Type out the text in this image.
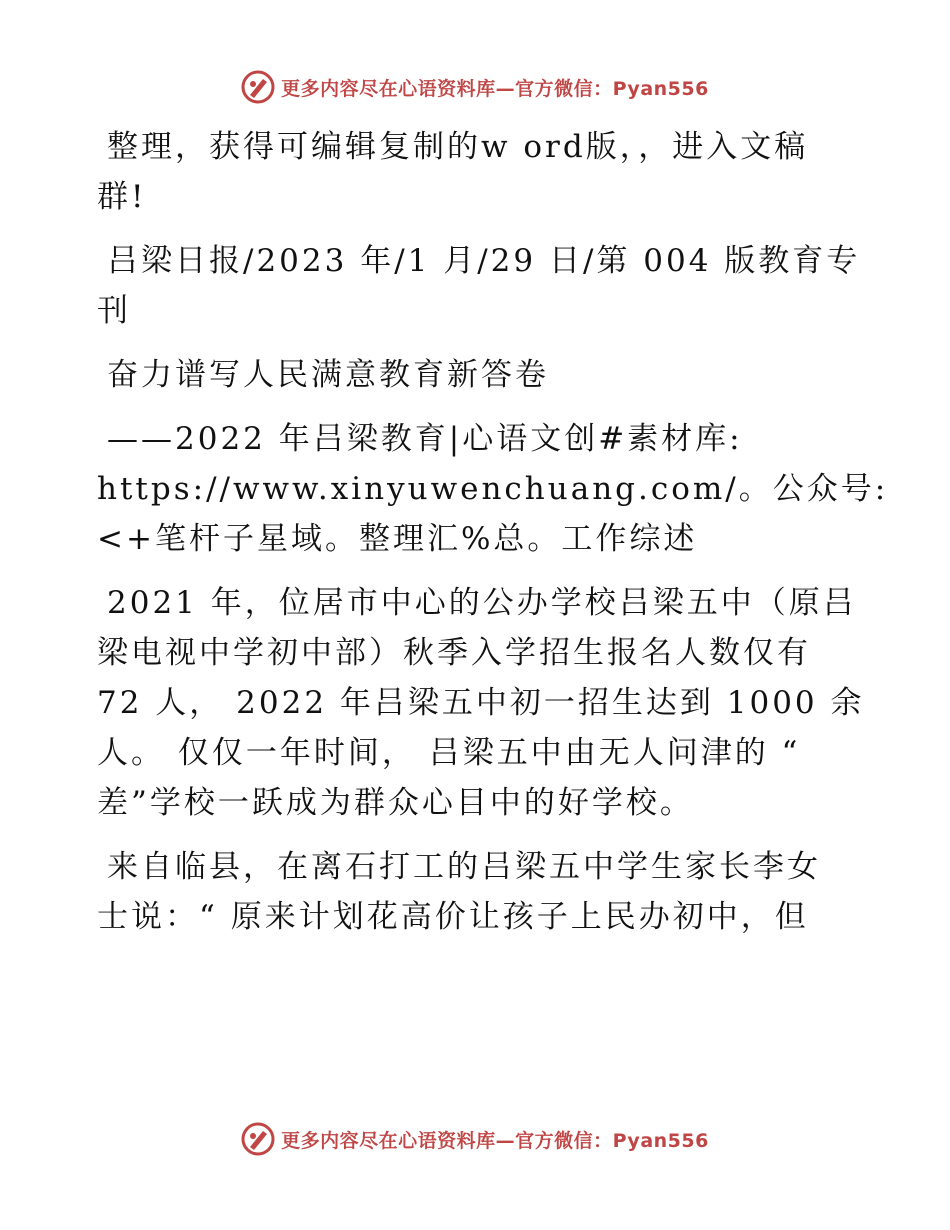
更多内容尽在心语资料库—官方微信：Pyan556

整理，获得可编辑复制的w ord版，，进入文稿
群!

吕梁日报/2023 年/1 月/29 日/第 004 版教育专
刊

奋力谱写人民满意教育新答卷

——2022 年吕梁教育|心语文创#素材库:
https://www.xinyuwenchuang.com/。公众号:
<+笔杆子星域。整理汇%总。工作综述

2021 年，位居市中心的公办学校吕梁五中（原吕
梁电视中学初中部）秋季入学招生报名人数仅有
72 人， 2022 年吕梁五中初一招生达到 1000 余
人。 仅仅一年时间， 吕梁五中由无人问津的 “
差”学校一跃成为群众心目中的好学校。

来自临县，在离石打工的吕梁五中学生家长李女
士说：“ 原来计划花高价让孩子上民办初中，但

更多内容尽在心语资料库—官方微信：Pyan556
